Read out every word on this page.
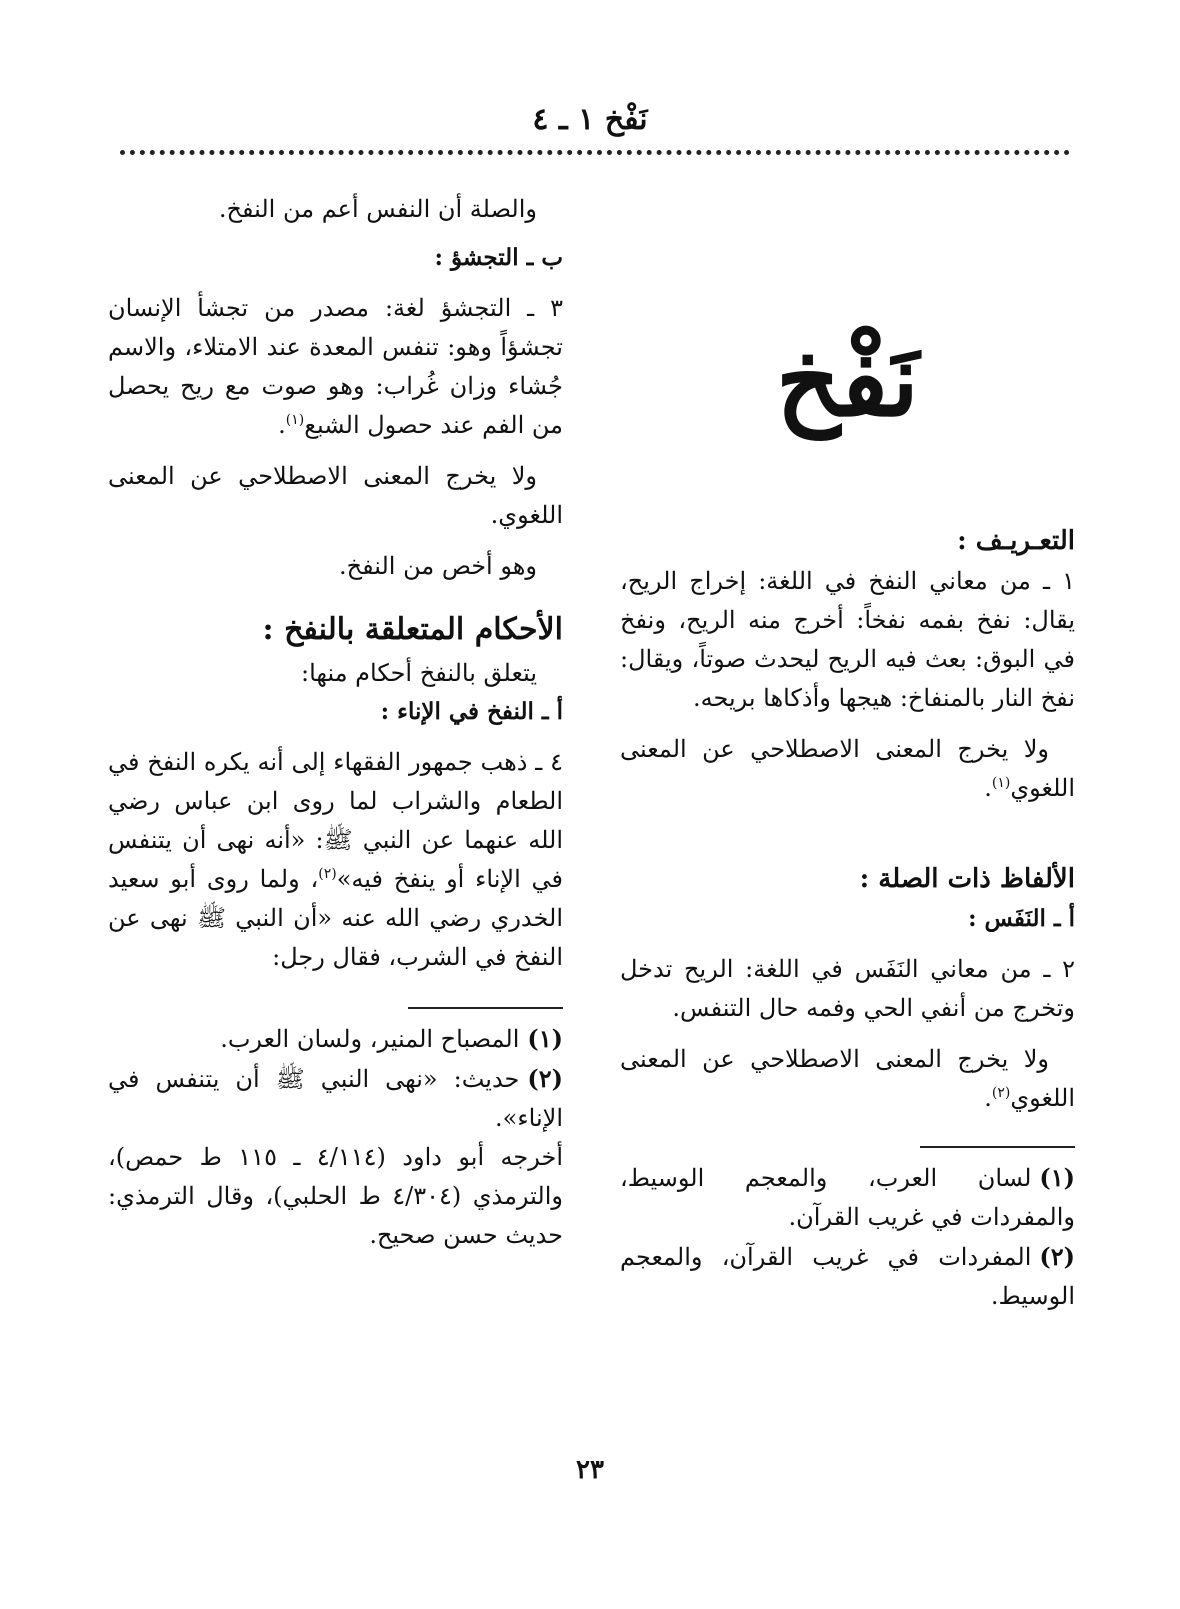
نَفْخ ١ ـ ٤
نَفْخ
التعـريـف :

١ ـ من معاني النفخ في اللغة: إخراج الريح، يقال: نفخ بفمه نفخاً: أخرج منه الريح، ونفخ في البوق: بعث فيه الريح ليحدث صوتاً، ويقال: نفخ النار بالمنفاخ: هيجها وأذكاها بريحه.

ولا يخرج المعنى الاصطلاحي عن المعنى اللغوي$^{(١)}$.

الألفاظ ذات الصلة :
أ ـ النَفَس :

٢ ـ من معاني النَفَس في اللغة: الريح تدخل وتخرج من أنفي الحي وفمه حال التنفس.

ولا يخرج المعنى الاصطلاحي عن المعنى اللغوي$^{(٢)}$.

(١)لسان العرب، والمعجم الوسيط، والمفردات في غريب القرآن.

(٢)المفردات في غريب القرآن، والمعجم الوسيط.

والصلة أن النفس أعم من النفخ.

ب ـ التجشؤ :

٣ ـ التجشؤ لغة: مصدر من تجشأ الإنسان تجشؤاً وهو: تنفس المعدة عند الامتلاء، والاسم جُشاء وزان غُراب: وهو صوت مع ريح يحصل من الفم عند حصول الشبع$^{(١)}$.

ولا يخرج المعنى الاصطلاحي عن المعنى اللغوي.

وهو أخص من النفخ.

الأحكام المتعلقة بالنفخ :

يتعلق بالنفخ أحكام منها:

أ ـ النفخ في الإناء :

٤ ـ ذهب جمهور الفقهاء إلى أنه يكره النفخ في الطعام والشراب لما روى ابن عباس رضي الله عنهما عن النبي ﷺ: «أنه نهى أن يتنفس في الإناء أو ينفخ فيه»$^{(٢)}$، ولما روى أبو سعيد الخدري رضي الله عنه «أن النبي ﷺ نهى عن النفخ في الشرب، فقال رجل:

(١)المصباح المنير، ولسان العرب.

(٢)حديث: «نهى النبي ﷺ أن يتنفس في الإناء».

أخرجه أبو داود (٤/١١٤ ـ ١١٥ ط حمص)، والترمذي (٤/٣٠٤ ط الحلبي)، وقال الترمذي: حديث حسن صحيح.

٢٣
